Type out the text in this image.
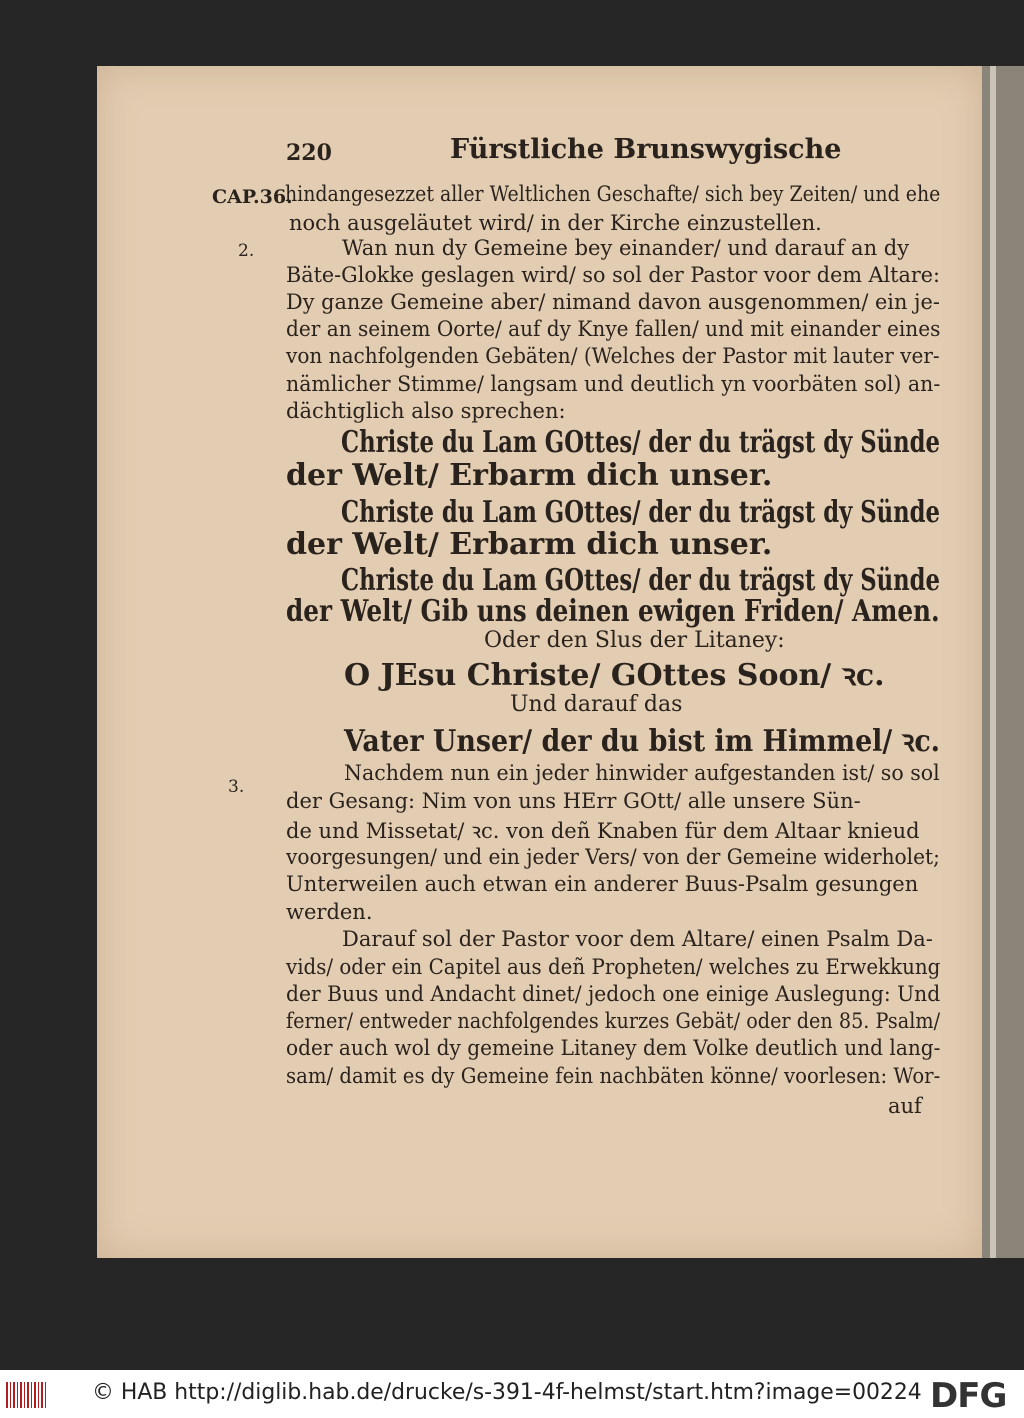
220	Fürstliche Brunswygische
CAP.36.
hindangesezzet aller Weltlichen Geschafte/ sich bey Zeiten/ und ehe
noch ausgeläutet wird/ in der Kirche einzustellen.
2.	Wan nun dy Gemeine bey einander/ und darauf an dy
Bäte-Glokke geslagen wird/ so sol der Pastor voor dem Altare:
Dy ganze Gemeine aber/ nimand davon ausgenommen/ ein je-
der an seinem Oorte/ auf dy Knye fallen/ und mit einander eines
von nachfolgenden Gebäten/ (Welches der Pastor mit lauter ver-
nämlicher Stimme/ langsam und deutlich yn voorbäten sol) an-
dächtiglich also sprechen:
Christe du Lam GOttes/ der du trägst dy Sünde
der Welt/ Erbarm dich unser.
Christe du Lam GOttes/ der du trägst dy Sünde
der Welt/ Erbarm dich unser.
Christe du Lam GOttes/ der du trägst dy Sünde
der Welt/ Gib uns deinen ewigen Friden/ Amen.
Oder den Slus der Litaney:
O JEsu Christe/ GOttes Soon/ ꝛc.
Und darauf das
Vater Unser/ der du bist im Himmel/ ꝛc.
3.
Nachdem nun ein jeder hinwider aufgestanden ist/ so sol
der Gesang: Nim von uns HErr GOtt/ alle unsere Sün-
de und Missetat/ ꝛc. von deñ Knaben für dem Altaar knieud
voorgesungen/ und ein jeder Vers/ von der Gemeine widerholet;
Unterweilen auch etwan ein anderer Buus-Psalm gesungen
werden.
Darauf sol der Pastor voor dem Altare/ einen Psalm Da-
vids/ oder ein Capitel aus deñ Propheten/ welches zu Erwekkung
der Buus und Andacht dinet/ jedoch one einige Auslegung: Und
ferner/ entweder nachfolgendes kurzes Gebät/ oder den 85. Psalm/
oder auch wol dy gemeine Litaney dem Volke deutlich und lang-
sam/ damit es dy Gemeine fein nachbäten könne/ voorlesen: Wor-
auf
© HAB http://diglib.hab.de/drucke/s-391-4f-helmst/start.htm?image=00224 DFG
